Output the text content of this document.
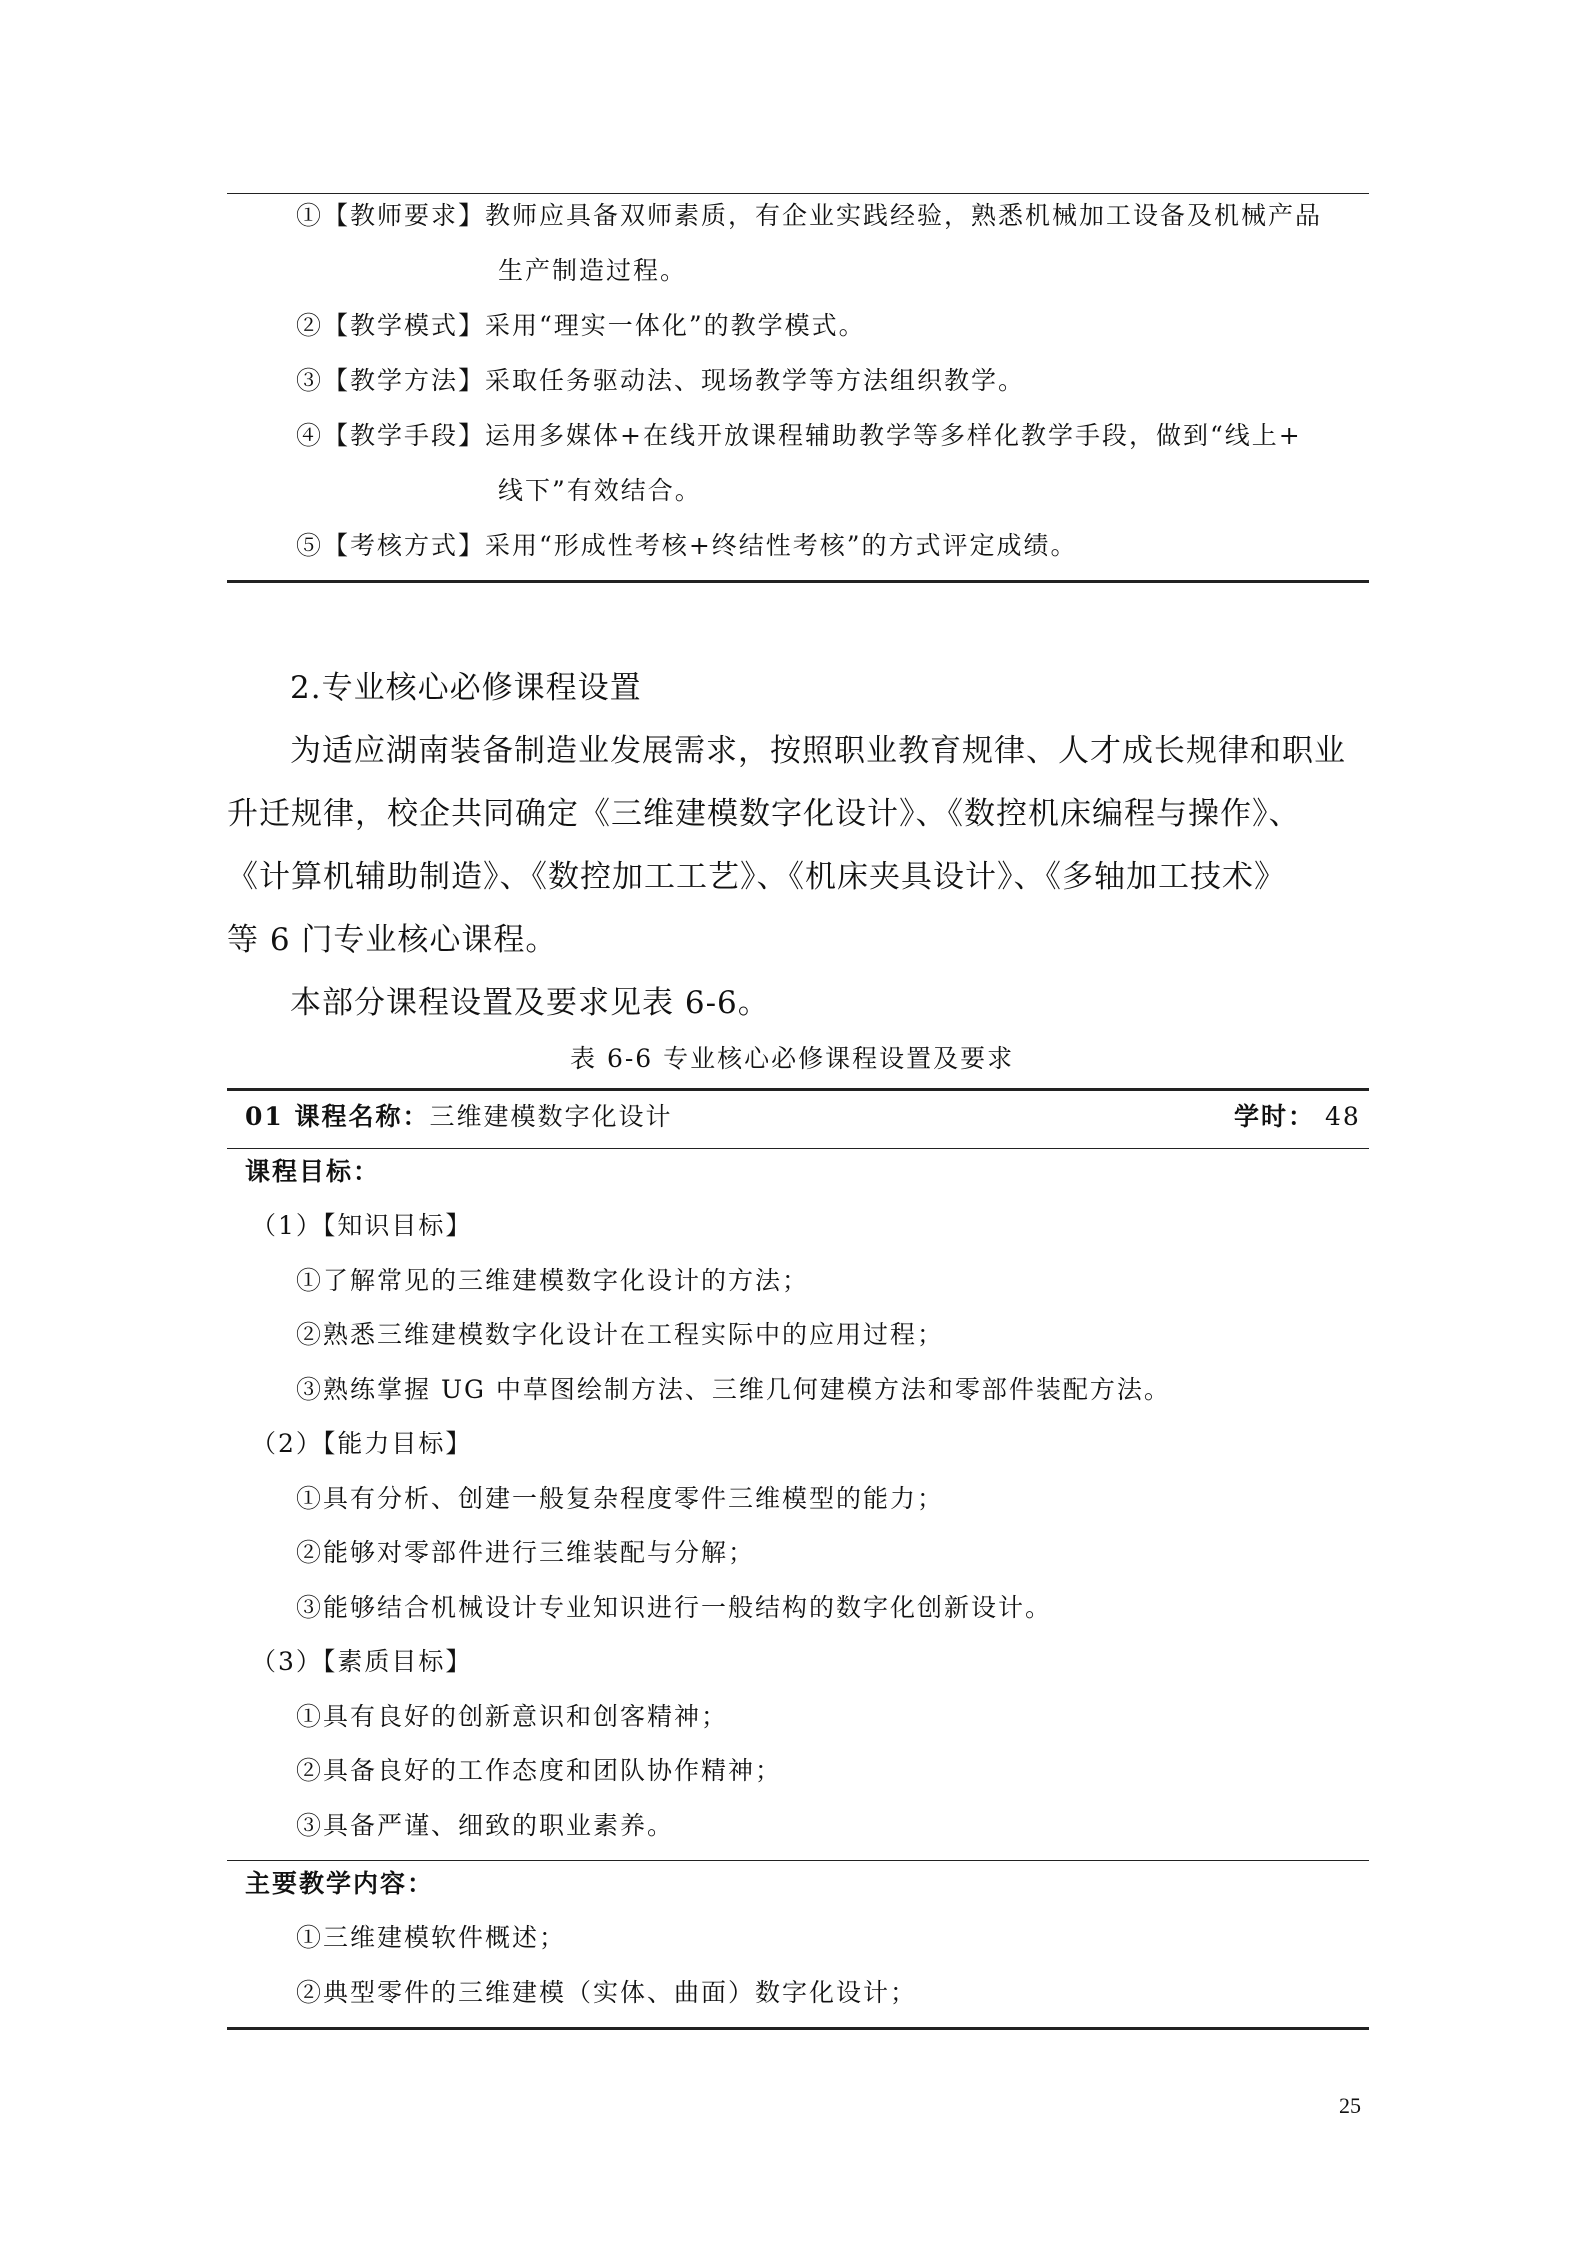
①【教师要求】教师应具备双师素质，有企业实践经验，熟悉机械加工设备及机械产品
生产制造过程。
②【教学模式】采用“理实一体化”的教学模式。
③【教学方法】采取任务驱动法、现场教学等方法组织教学。
④【教学手段】运用多媒体+在线开放课程辅助教学等多样化教学手段，做到“线上+
线下”有效结合。
⑤【考核方式】采用“形成性考核+终结性考核”的方式评定成绩。
2.专业核心必修课程设置
为适应湖南装备制造业发展需求，按照职业教育规律、人才成长规律和职业
升迁规律，校企共同确定《三维建模数字化设计》、《数控机床编程与操作》、
《计算机辅助制造》、《数控加工工艺》、《机床夹具设计》、《多轴加工技术》
等 6 门专业核心课程。
本部分课程设置及要求见表 6-6。
表 6-6 专业核心必修课程设置及要求
01 课程名称：三维建模数字化设计	学时： 48
课程目标：
（1）【知识目标】
①了解常见的三维建模数字化设计的方法；
②熟悉三维建模数字化设计在工程实际中的应用过程；
③熟练掌握 UG 中草图绘制方法、三维几何建模方法和零部件装配方法。
（2）【能力目标】
①具有分析、创建一般复杂程度零件三维模型的能力；
②能够对零部件进行三维装配与分解；
③能够结合机械设计专业知识进行一般结构的数字化创新设计。
（3）【素质目标】
①具有良好的创新意识和创客精神；
②具备良好的工作态度和团队协作精神；
③具备严谨、细致的职业素养。
主要教学内容：
①三维建模软件概述；
②典型零件的三维建模（实体、曲面）数字化设计；
25
